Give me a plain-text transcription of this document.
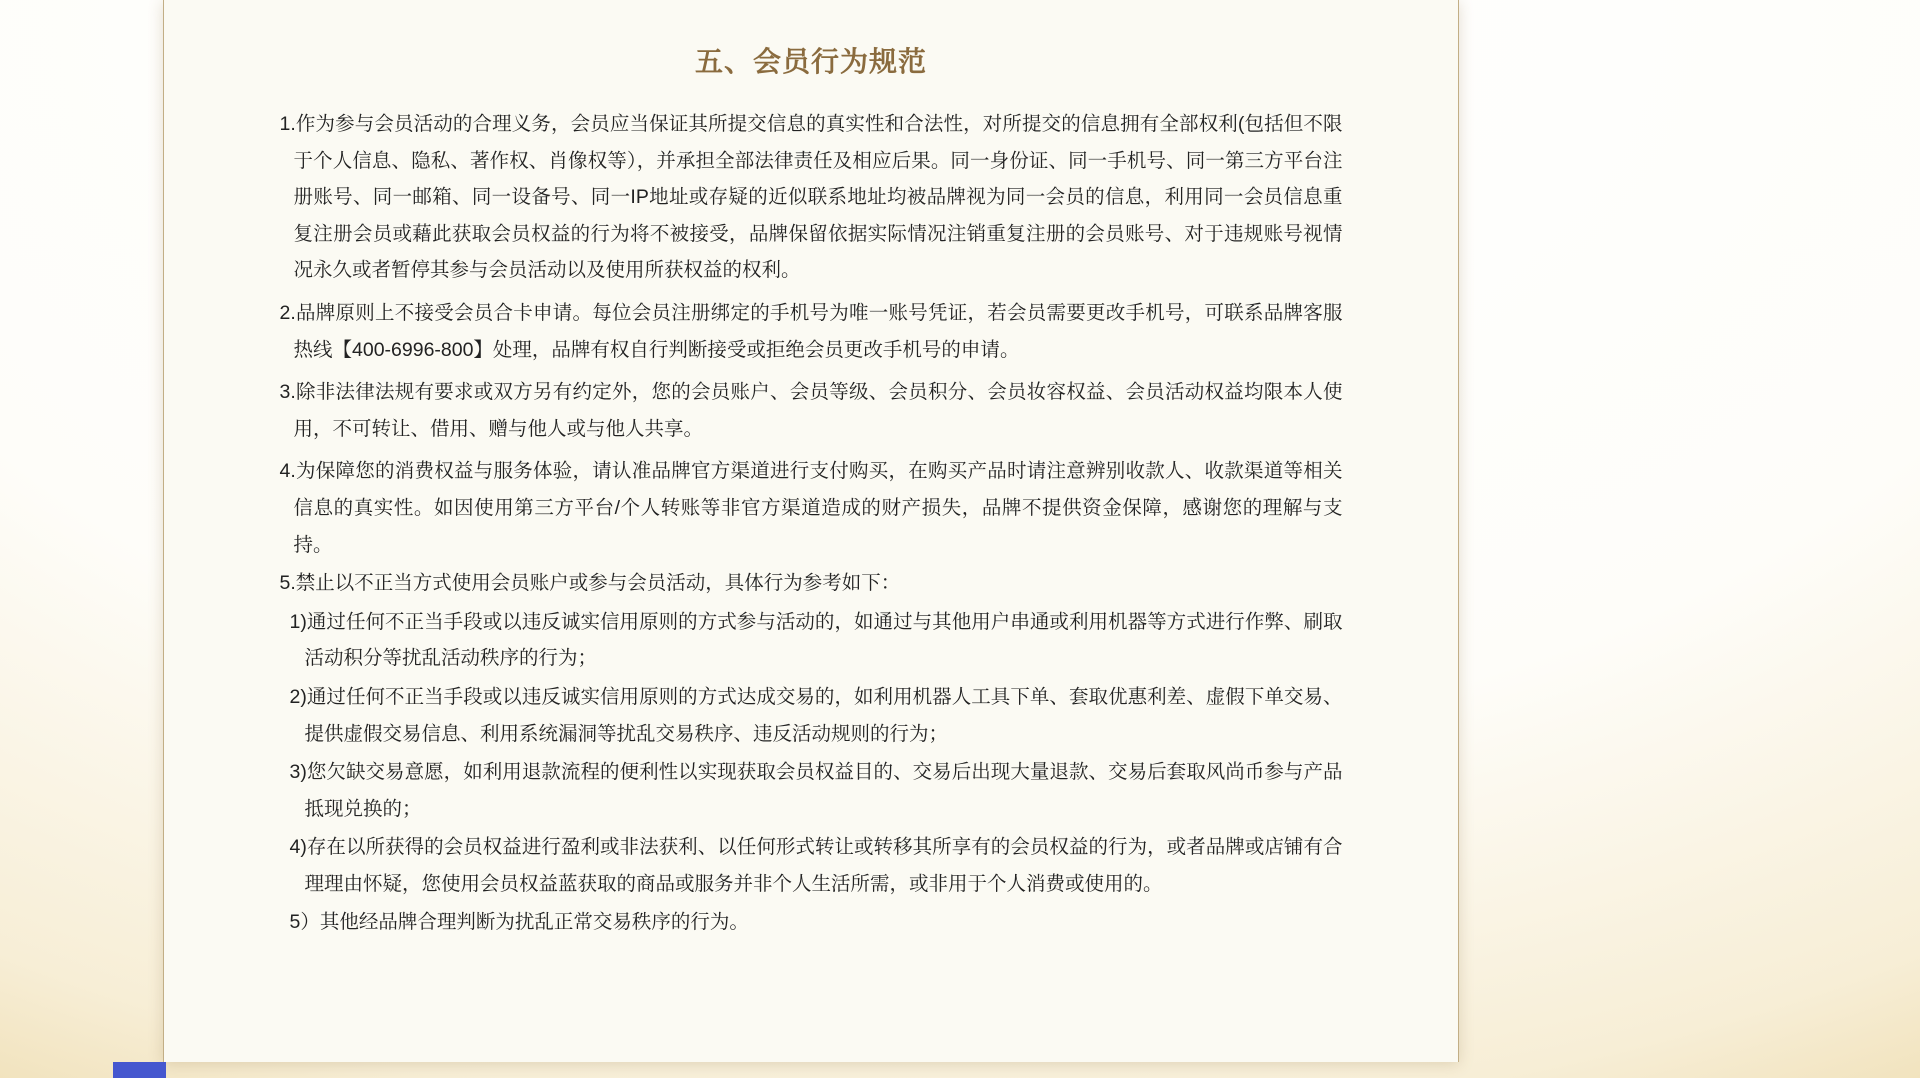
五、会员行为规范

1.作为参与会员活动的合理义务，会员应当保证其所提交信息的真实性和合法性，对所提交的信息拥有全部权利(包括但不限于个人信息、隐私、著作权、肖像权等），并承担全部法律责任及相应后果。同一身份证、同一手机号、同一第三方平台注册账号、同一邮箱、同一设备号、同一IP地址或存疑的近似联系地址均被品牌视为同一会员的信息，利用同一会员信息重复注册会员或藉此获取会员权益的行为将不被接受，品牌保留依据实际情况注销重复注册的会员账号、对于违规账号视情况永久或者暂停其参与会员活动以及使用所获权益的权利。

2.品牌原则上不接受会员合卡申请。每位会员注册绑定的手机号为唯一账号凭证，若会员需要更改手机号，可联系品牌客服热线【400-6996-800】处理，品牌有权自行判断接受或拒绝会员更改手机号的申请。

3.除非法律法规有要求或双方另有约定外，您的会员账户、会员等级、会员积分、会员妆容权益、会员活动权益均限本人使用，不可转让、借用、赠与他人或与他人共享。

4.为保障您的消费权益与服务体验，请认准品牌官方渠道进行支付购买，在购买产品时请注意辨别收款人、收款渠道等相关信息的真实性。如因使用第三方平台/个人转账等非官方渠道造成的财产损失，品牌不提供资金保障，感谢您的理解与支持。

5.禁止以不正当方式使用会员账户或参与会员活动，具体行为参考如下：

1)通过任何不正当手段或以违反诚实信用原则的方式参与活动的，如通过与其他用户串通或利用机器等方式进行作弊、刷取活动积分等扰乱活动秩序的行为；

2)通过任何不正当手段或以违反诚实信用原则的方式达成交易的，如利用机器人工具下单、套取优惠利差、虚假下单交易、提供虚假交易信息、利用系统漏洞等扰乱交易秩序、违反活动规则的行为；

3)您欠缺交易意愿，如利用退款流程的便利性以实现获取会员权益目的、交易后出现大量退款、交易后套取风尚币参与产品抵现兑换的；

4)存在以所获得的会员权益进行盈利或非法获利、以任何形式转让或转移其所享有的会员权益的行为，或者品牌或店铺有合理理由怀疑，您使用会员权益蓝获取的商品或服务并非个人生活所需，或非用于个人消费或使用的。

5）其他经品牌合理判断为扰乱正常交易秩序的行为。
